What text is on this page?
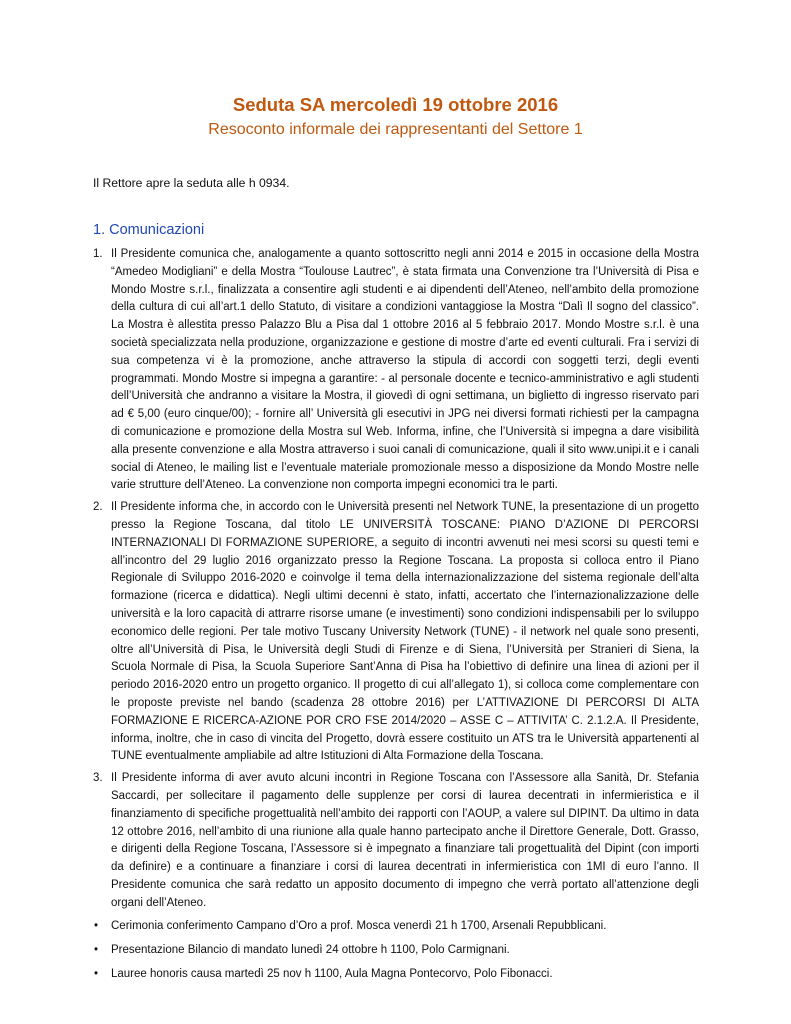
Seduta SA mercoledì 19 ottobre 2016
Resoconto informale dei rappresentanti del Settore 1
Il Rettore apre la seduta alle h 0934.
1. Comunicazioni
1. Il Presidente comunica che, analogamente a quanto sottoscritto negli anni 2014 e 2015 in occasione della Mostra “Amedeo Modigliani” e della Mostra “Toulouse Lautrec”, è stata firmata una Convenzione tra l’Università di Pisa e Mondo Mostre s.r.l., finalizzata a consentire agli studenti e ai dipendenti dell’Ateneo, nell’ambito della promozione della cultura di cui all’art.1 dello Statuto, di visitare a condizioni vantaggiose la Mostra “Dalì Il sogno del classico”. La Mostra è allestita presso Palazzo Blu a Pisa dal 1 ottobre 2016 al 5 febbraio 2017. Mondo Mostre s.r.l. è una società specializzata nella produzione, organizzazione e gestione di mostre d’arte ed eventi culturali. Fra i servizi di sua competenza vi è la promozione, anche attraverso la stipula di accordi con soggetti terzi, degli eventi programmati. Mondo Mostre si impegna a garantire: - al personale docente e tecnico-amministrativo e agli studenti dell’Università che andranno a visitare la Mostra, il giovedì di ogni settimana, un biglietto di ingresso riservato pari ad € 5,00 (euro cinque/00); - fornire all’ Università gli esecutivi in JPG nei diversi formati richiesti per la campagna di comunicazione e promozione della Mostra sul Web. Informa, infine, che l’Università si impegna a dare visibilità alla presente convenzione e alla Mostra attraverso i suoi canali di comunicazione, quali il sito www.unipi.it e i canali social di Ateneo, le mailing list e l’eventuale materiale promozionale messo a disposizione da Mondo Mostre nelle varie strutture dell’Ateneo. La convenzione non comporta impegni economici tra le parti.
2. Il Presidente informa che, in accordo con le Università presenti nel Network TUNE, la presentazione di un progetto presso la Regione Toscana, dal titolo LE UNIVERSITÀ TOSCANE: PIANO D’AZIONE DI PERCORSI INTERNAZIONALI DI FORMAZIONE SUPERIORE, a seguito di incontri avvenuti nei mesi scorsi su questi temi e all’incontro del 29 luglio 2016 organizzato presso la Regione Toscana. La proposta si colloca entro il Piano Regionale di Sviluppo 2016-2020 e coinvolge il tema della internazionalizzazione del sistema regionale dell’alta formazione (ricerca e didattica). Negli ultimi decenni è stato, infatti, accertato che l’internazionalizzazione delle università e la loro capacità di attrarre risorse umane (e investimenti) sono condizioni indispensabili per lo sviluppo economico delle regioni. Per tale motivo Tuscany University Network (TUNE) - il network nel quale sono presenti, oltre all’Università di Pisa, le Università degli Studi di Firenze e di Siena, l’Università per Stranieri di Siena, la Scuola Normale di Pisa, la Scuola Superiore Sant’Anna di Pisa ha l’obiettivo di definire una linea di azioni per il periodo 2016-2020 entro un progetto organico. Il progetto di cui all’allegato 1), si colloca come complementare con le proposte previste nel bando (scadenza 28 ottobre 2016) per L’ATTIVAZIONE DI PERCORSI DI ALTA FORMAZIONE E RICERCA-AZIONE POR CRO FSE 2014/2020 – ASSE C – ATTIVITA’ C. 2.1.2.A. Il Presidente, informa, inoltre, che in caso di vincita del Progetto, dovrà essere costituito un ATS tra le Università appartenenti al TUNE eventualmente ampliabile ad altre Istituzioni di Alta Formazione della Toscana.
3. Il Presidente informa di aver avuto alcuni incontri in Regione Toscana con l’Assessore alla Sanità, Dr. Stefania Saccardi, per sollecitare il pagamento delle supplenze per corsi di laurea decentrati in infermieristica e il finanziamento di specifiche progettualità nell’ambito dei rapporti con l’AOUP, a valere sul DIPINT. Da ultimo in data 12 ottobre 2016, nell’ambito di una riunione alla quale hanno partecipato anche il Direttore Generale, Dott. Grasso, e dirigenti della Regione Toscana, l’Assessore si è impegnato a finanziare tali progettualità del Dipint (con importi da definire) e a continuare a finanziare i corsi di laurea decentrati in infermieristica con 1MI di euro l’anno. Il Presidente comunica che sarà redatto un apposito documento di impegno che verrà portato all’attenzione degli organi dell’Ateneo.
• Cerimonia conferimento Campano d’Oro a prof. Mosca venerdì 21 h 1700, Arsenali Repubblicani.
• Presentazione Bilancio di mandato lunedì 24 ottobre h 1100, Polo Carmignani.
• Lauree honoris causa martedì 25 nov h 1100, Aula Magna Pontecorvo, Polo Fibonacci.
